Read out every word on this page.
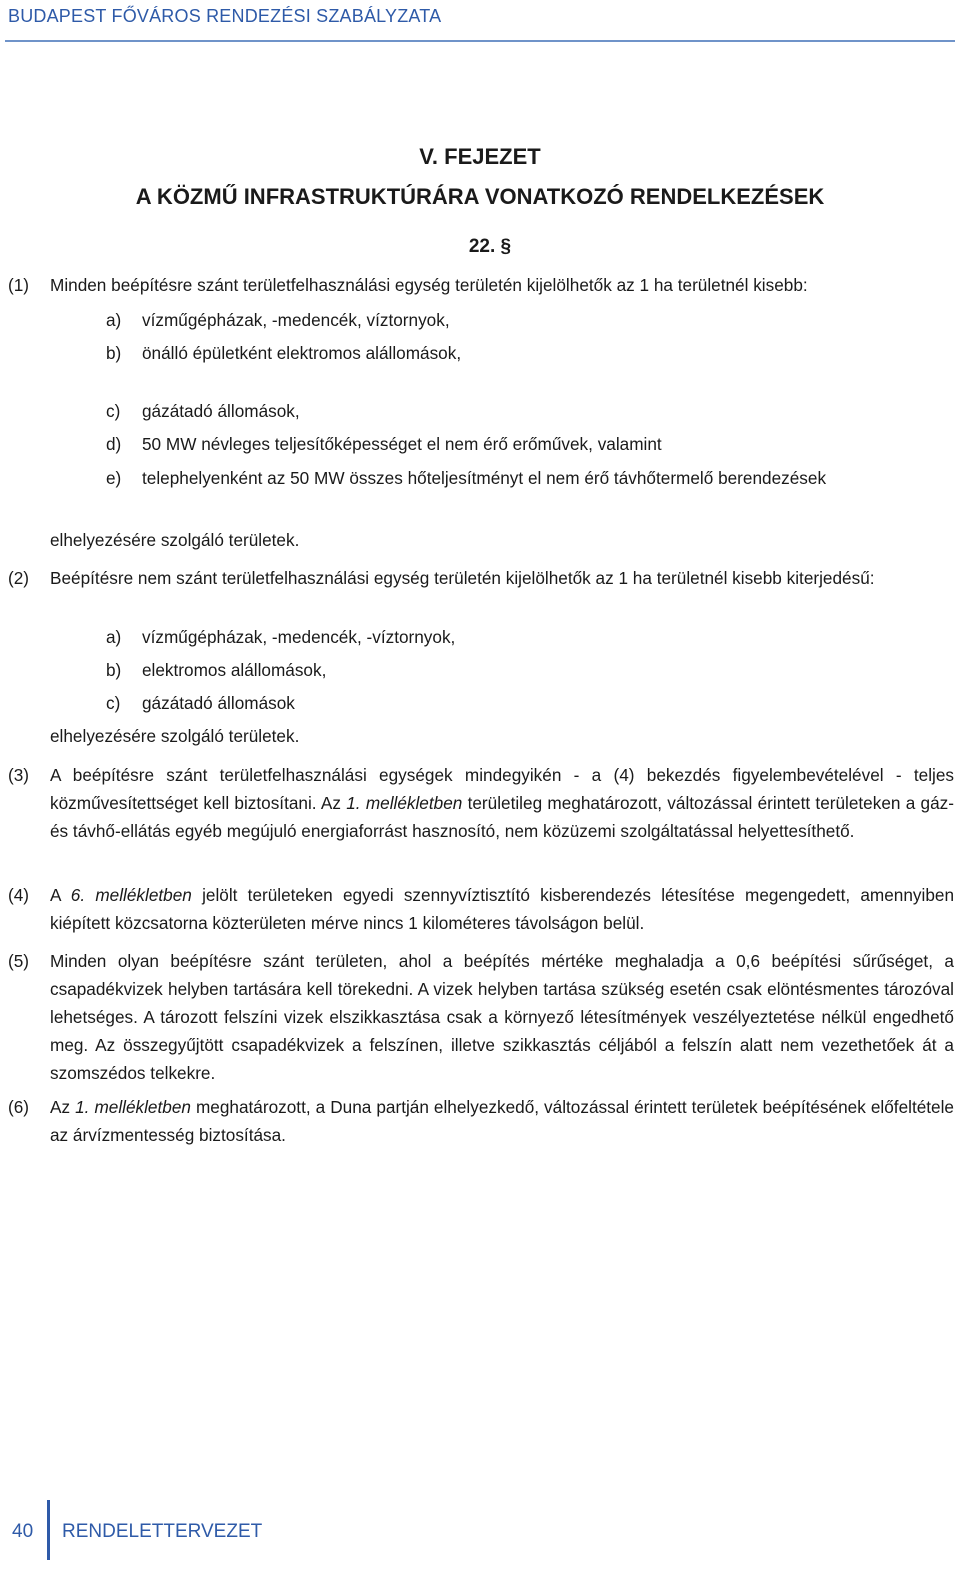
BUDAPEST FŐVÁROS RENDEZÉSI SZABÁLYZATA
V. FEJEZET
A KÖZMŰ INFRASTRUKTÚRÁRA VONATKOZÓ RENDELKEZÉSEK
22. §
(1)	Minden beépítésre szánt területfelhasználási egység területén kijelölhetők az 1 ha területnél kisebb:
a) vízműgépházak, -medencék, víztornyok,
b) önálló épületként elektromos alállomások,
c) gázátadó állomások,
d) 50 MW névleges teljesítőképességet el nem érő erőművek, valamint
e) telephelyenként az 50 MW összes hőteljesítményt el nem érő távhőtermelő berendezések
elhelyezésére szolgáló területek.
(2)	Beépítésre nem szánt területfelhasználási egység területén kijelölhetők az 1 ha területnél kisebb kiterjedésű:
a) vízműgépházak, -medencék, -víztornyok,
b) elektromos alállomások,
c) gázátadó állomások
elhelyezésére szolgáló területek.
(3) A beépítésre szánt területfelhasználási egységek mindegyikén - a (4) bekezdés figyelembevételével - teljes közművesítettséget kell biztosítani. Az 1. mellékletben területileg meghatározott, változással érintett területeken a gáz- és távhő-ellátás egyéb megújuló energiaforrást hasznosító, nem közüzemi szolgáltatással helyettesíthető.
(4) A 6. mellékletben jelölt területeken egyedi szennyvíztisztító kisberendezés létesítése megengedett, amennyiben kiépített közcsatorna közterületen mérve nincs 1 kilométeres távolságon belül.
(5) Minden olyan beépítésre szánt területen, ahol a beépítés mértéke meghaladja a 0,6 beépítési sűrűséget, a csapadékvizek helyben tartására kell törekedni. A vizek helyben tartása szükség esetén csak elöntésmentes tározóval lehetséges. A tározott felszíni vizek elszikkasztása csak a környező létesítmények veszélyeztetése nélkül engedhető meg. Az összegyűjtött csapadékvizek a felszínen, illetve szikkasztás céljából a felszín alatt nem vezethetőek át a szomszédos telkekre.
(6) Az 1. mellékletben meghatározott, a Duna partján elhelyezkedő, változással érintett területek beépítésének előfeltétele az árvízmentesség biztosítása.
40 RENDELETTERVEZET
